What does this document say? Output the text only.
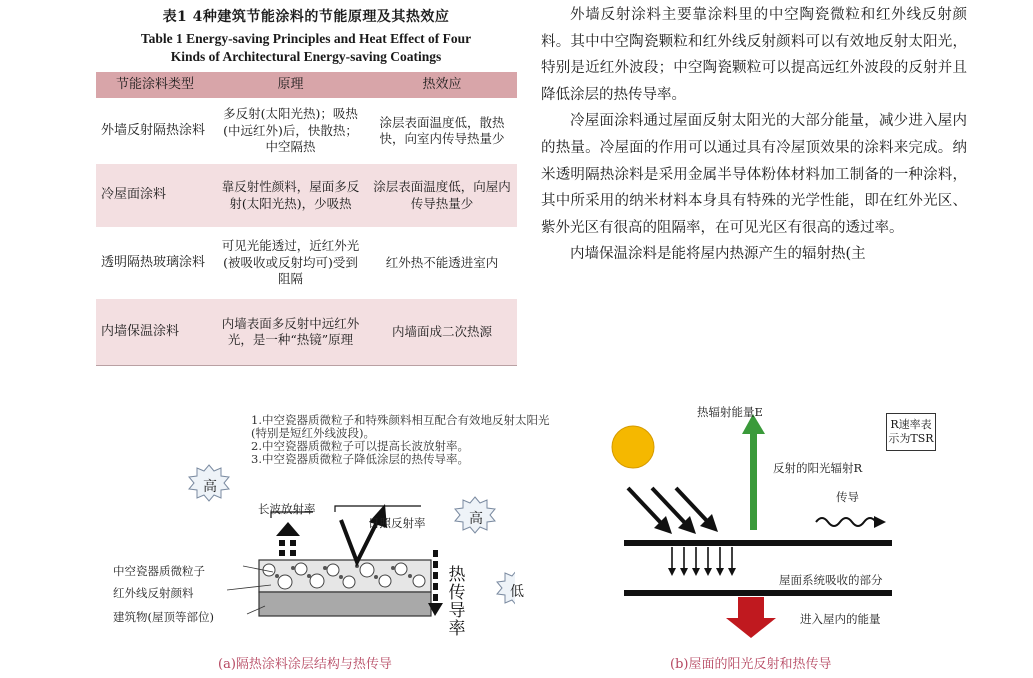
表1 4种建筑节能涂料的节能原理及其热效应
Table 1 Energy-saving Principles and Heat Effect of Four
Kinds of Architectural Energy-saving Coatings
节能涂料类型	原理	热效应
外墙反射隔热涂料	多反射(太阳光热)；吸热(中远红外)后，快散热；中空隔热	涂层表面温度低，散热快，向室内传导热量少
冷屋面涂料	靠反射性颜料，屋面多反射(太阳光热)，少吸热	涂层表面温度低，向屋内传导热量少
透明隔热玻璃涂料	可见光能透过，近红外光(被吸收或反射均可)受到阻隔	红外热不能透进室内
内墙保温涂料	内墙表面多反射中远红外光，是一种“热镜”原理	内墙面成二次热源

外墙反射涂料主要靠涂料里的中空陶瓷微粒和红外线反射颜料。其中中空陶瓷颗粒和红外线反射颜料可以有效地反射太阳光，特别是近红外波段；中空陶瓷颗粒可以提高远红外波段的反射并且降低涂层的热传导率。

冷屋面涂料通过屋面反射太阳光的大部分能量，减少进入屋内的热量。冷屋面的作用可以通过具有冷屋顶效果的涂料来完成。纳米透明隔热涂料是采用金属半导体粉体材料加工制备的一种涂料，其中所采用的纳米材料本身具有特殊的光学性能，即在红外光区、紫外光区有很高的阻隔率，在可见光区有很高的透过率。

内墙保温涂料是能将屋内热源产生的辐射热(主

1.中空瓷器质微粒子和特殊颜料相互配合有效地反射太阳光
(特别是短红外线波段)。
2.中空瓷器质微粒子可以提高长波放射率。
3.中空瓷器质微粒子降低涂层的热传导率。
高
高
低
长波放射率
日照反射率
热传导率
中空瓷器质微粒子
红外线反射颜料
建筑物(屋顶等部位)
(a)隔热涂料涂层结构与热传导
热辐射能量E
反射的阳光辐射R
传导
屋面系统吸收的部分
进入屋内的能量
R速率表
示为TSR
(b)屋面的阳光反射和热传导
